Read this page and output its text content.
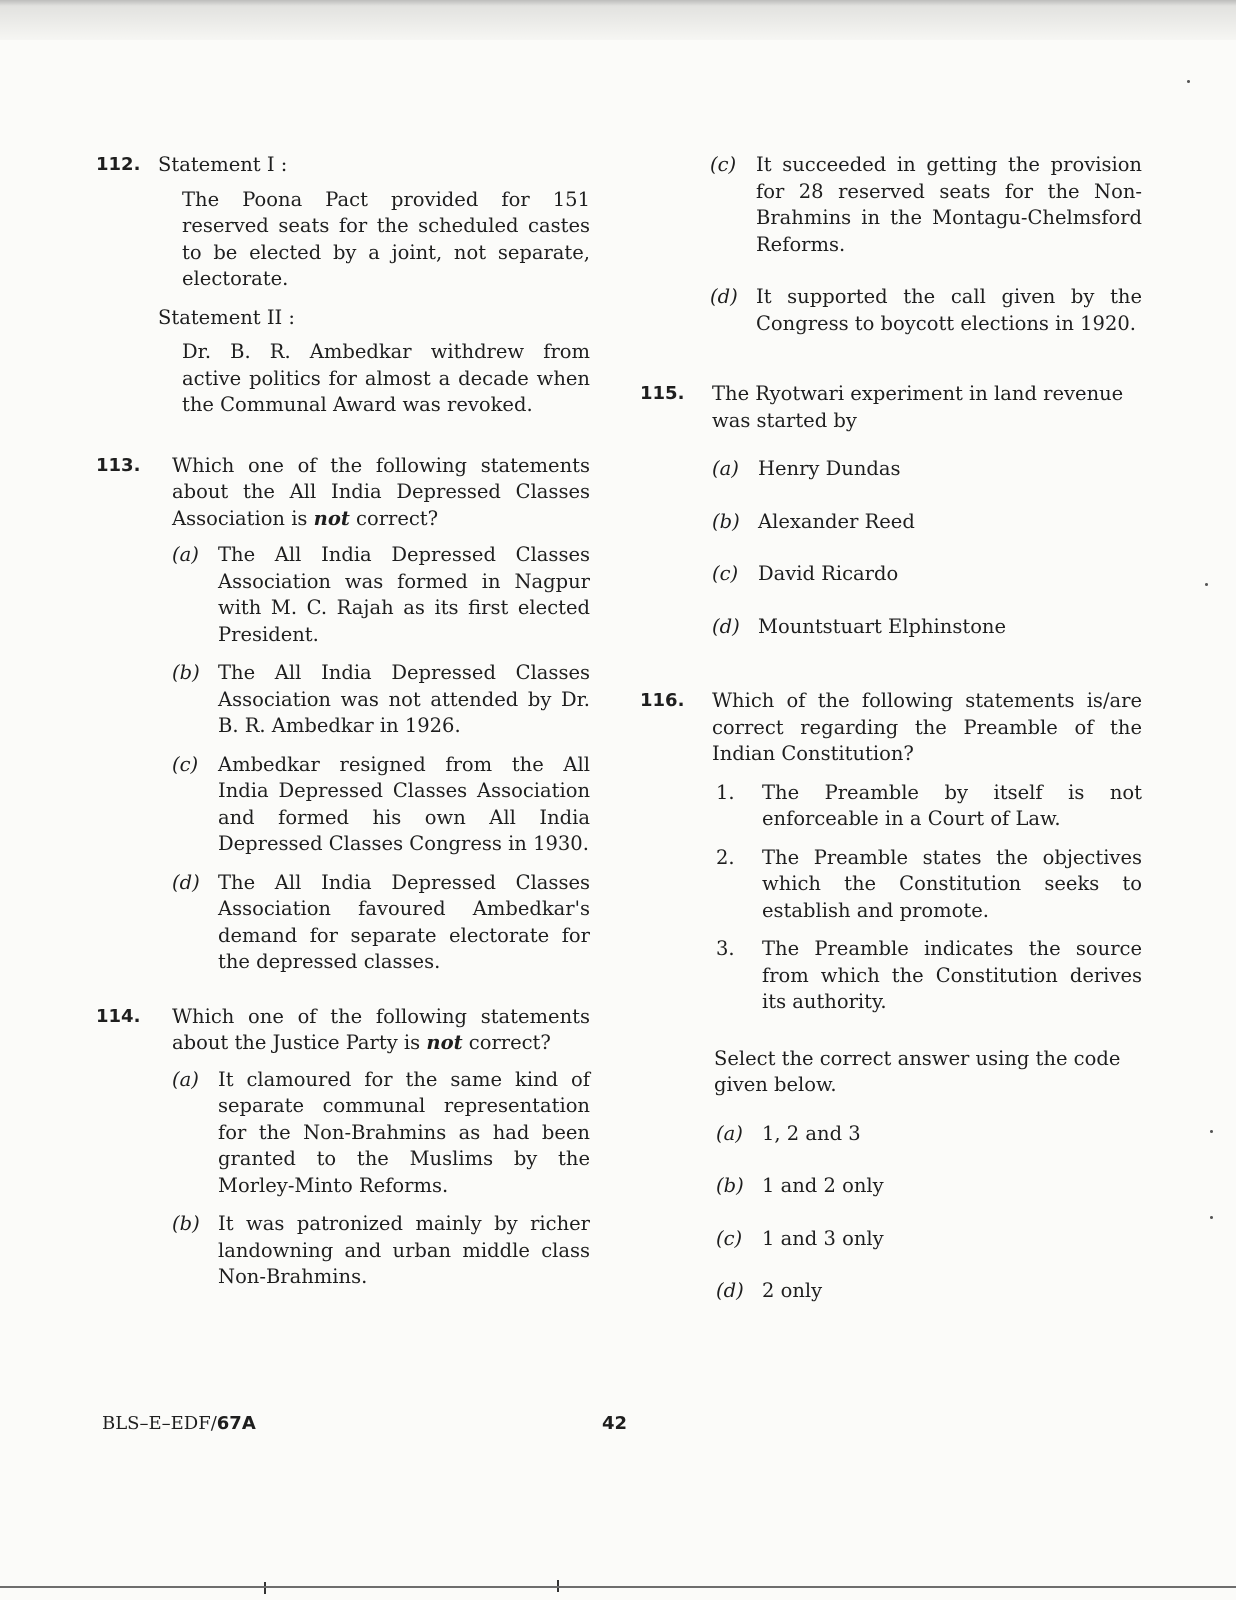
112. Statement I :

The Poona Pact provided for 151 reserved seats for the scheduled castes to be elected by a joint, not separate, electorate.

Statement II :

Dr. B. R. Ambedkar withdrew from active politics for almost a decade when the Communal Award was revoked.

113. Which one of the following statements about the All India Depressed Classes Association is not correct?

(a) The All India Depressed Classes Association was formed in Nagpur with M. C. Rajah as its first elected President.
(b) The All India Depressed Classes Association was not attended by Dr. B. R. Ambedkar in 1926.
(c) Ambedkar resigned from the All India Depressed Classes Association and formed his own All India Depressed Classes Congress in 1930.
(d) The All India Depressed Classes Association favoured Ambedkar's demand for separate electorate for the depressed classes.
114. Which one of the following statements about the Justice Party is not correct?

(a) It clamoured for the same kind of separate communal representation for the Non-Brahmins as had been granted to the Muslims by the Morley-Minto Reforms.
(b) It was patronized mainly by richer landowning and urban middle class Non-Brahmins.
(c) It succeeded in getting the provision for 28 reserved seats for the Non-Brahmins in the Montagu-Chelmsford Reforms.
(d) It supported the call given by the Congress to boycott elections in 1920.
115. The Ryotwari experiment in land revenue was started by

(a) Henry Dundas
(b) Alexander Reed
(c) David Ricardo
(d) Mountstuart Elphinstone
116. Which of the following statements is/are correct regarding the Preamble of the Indian Constitution?

1. The Preamble by itself is not enforceable in a Court of Law.
2. The Preamble states the objectives which the Constitution seeks to establish and promote.
3. The Preamble indicates the source from which the Constitution derives its authority.

Select the correct answer using the code given below.

(a) 1, 2 and 3
(b) 1 and 2 only
(c) 1 and 3 only
(d) 2 only
BLS–E–EDF/67A	42
